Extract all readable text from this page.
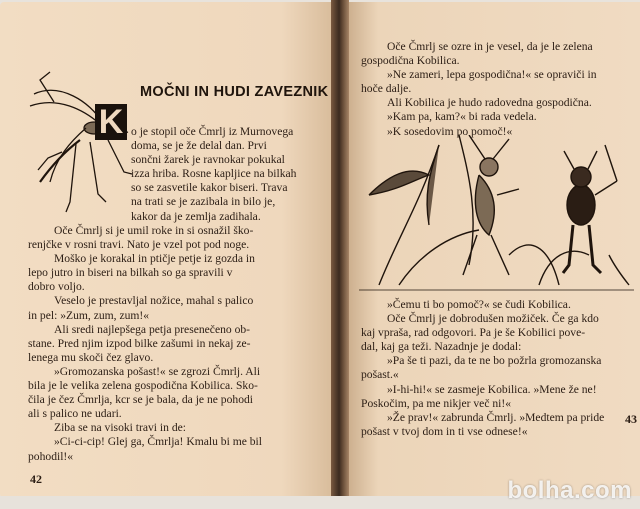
MOČNI IN HUDI ZAVEZNIK
K o je stopil oče Čmrlj iz Murnovega
doma, se je že delal dan. Prvi
sončni žarek je ravnokar pokukal
izza hriba. Rosne kapljice na bilkah
so se zasvetile kakor biseri. Trava
na trati se je zazibala in bilo je,
kakor da je zemlja zadihala.
Oče Čmrlj si je umil roke in si osnažil ško-
renjčke v rosni travi. Nato je vzel pot pod noge.
Moško je korakal in ptičje petje iz gozda in
lepo jutro in biseri na bilkah so ga spravili v
dobro voljo.
Veselo je prestavljal nožice, mahal s palico
in pel: »Zum, zum, zum!«
Ali sredi najlepšega petja presenečeno ob-
stane. Pred njim izpod bilke zašumi in nekaj ze-
lenega mu skoči čez glavo.
»Gromozanska pošast!« se zgrozi Čmrlj. Ali
bila je le velika zelena gospodična Kobilica. Sko-
čila je čez Čmrlja, kcr se je bala, da je ne pohodi
ali s palico ne udari.
Ziba se na visoki travi in de:
»Ci-ci-cip! Glej ga, Čmrlja! Kmalu bi me bil
pohodil!«
42
Oče Čmrlj se ozre in je vesel, da je le zelena
gospodična Kobilica.
»Ne zameri, lepa gospodična!« se opraviči in
hoče dalje.
Ali Kobilica je hudo radovedna gospodična.
»Kam pa, kam?« bi rada vedela.
»K sosedovim po pomoč!«
»Čemu ti bo pomoč?« se čudi Kobilica.
Oče Čmrlj je dobrodušen možiček. Če ga kdo
kaj vpraša, rad odgovori. Pa je še Kobilici pove-
dal, kaj ga teži. Nazadnje je dodal:
»Pa še ti pazi, da te ne bo požrla gromozanska
pošast.«
»I-hi-hi!« se zasmeje Kobilica. »Mene že ne!
Poskočim, pa me nikjer več ni!«
»Že prav!« zabrunda Čmrlj. »Medtem pa pride
pošast v tvoj dom in ti vse odnese!«
43
bolha.com
